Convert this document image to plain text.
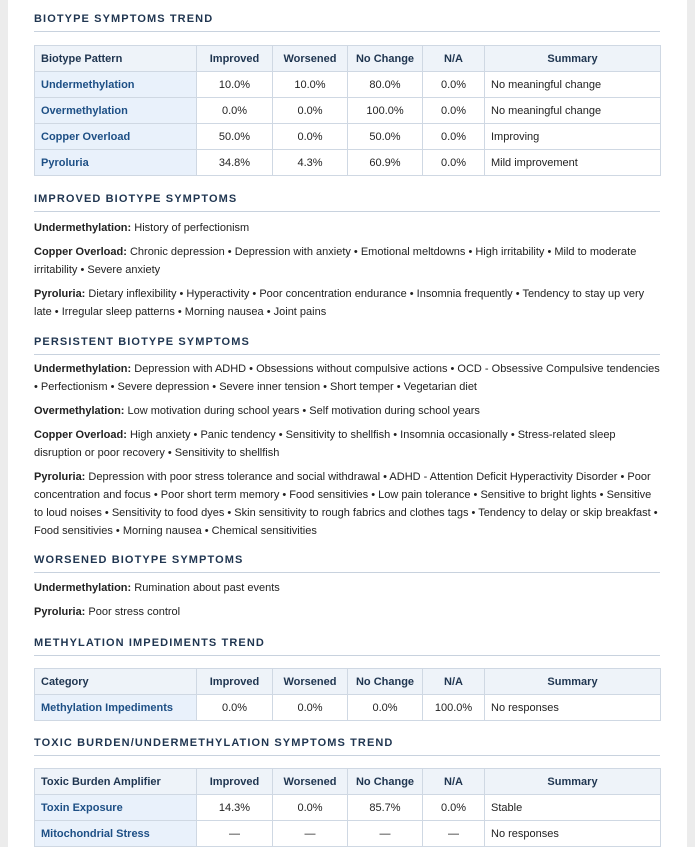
BIOTYPE SYMPTOMS TREND
Biotype Pattern	Improved	Worsened	No Change	N/A	Summary
Undermethylation	10.0%	10.0%	80.0%	0.0%	No meaningful change
Overmethylation	0.0%	0.0%	100.0%	0.0%	No meaningful change
Copper Overload	50.0%	0.0%	50.0%	0.0%	Improving
Pyroluria	34.8%	4.3%	60.9%	0.0%	Mild improvement
IMPROVED BIOTYPE SYMPTOMS

Undermethylation: History of perfectionism

Copper Overload: Chronic depression • Depression with anxiety • Emotional meltdowns • High irritability • Mild to moderate irritability • Severe anxiety

Pyroluria: Dietary inflexibility • Hyperactivity • Poor concentration endurance • Insomnia frequently • Tendency to stay up very late • Irregular sleep patterns • Morning nausea • Joint pains

PERSISTENT BIOTYPE SYMPTOMS

Undermethylation: Depression with ADHD • Obsessions without compulsive actions • OCD - Obsessive Compulsive tendencies • Perfectionism • Severe depression • Severe inner tension • Short temper • Vegetarian diet

Overmethylation: Low motivation during school years • Self motivation during school years

Copper Overload: High anxiety • Panic tendency • Sensitivity to shellfish • Insomnia occasionally • Stress-related sleep disruption or poor recovery • Sensitivity to shellfish

Pyroluria: Depression with poor stress tolerance and social withdrawal • ADHD - Attention Deficit Hyperactivity Disorder • Poor concentration and focus • Poor short term memory • Food sensitivies • Low pain tolerance • Sensitive to bright lights • Sensitive to loud noises • Sensitivity to food dyes • Skin sensitivity to rough fabrics and clothes tags • Tendency to delay or skip breakfast • Food sensitivies • Morning nausea • Chemical sensitivities

WORSENED BIOTYPE SYMPTOMS

Undermethylation: Rumination about past events

Pyroluria: Poor stress control

METHYLATION IMPEDIMENTS TREND
Category	Improved	Worsened	No Change	N/A	Summary
Methylation Impediments	0.0%	0.0%	0.0%	100.0%	No responses
TOXIC BURDEN/UNDERMETHYLATION SYMPTOMS TREND
Toxic Burden Amplifier	Improved	Worsened	No Change	N/A	Summary
Toxin Exposure	14.3%	0.0%	85.7%	0.0%	Stable
Mitochondrial Stress	—	—	—	—	No responses
